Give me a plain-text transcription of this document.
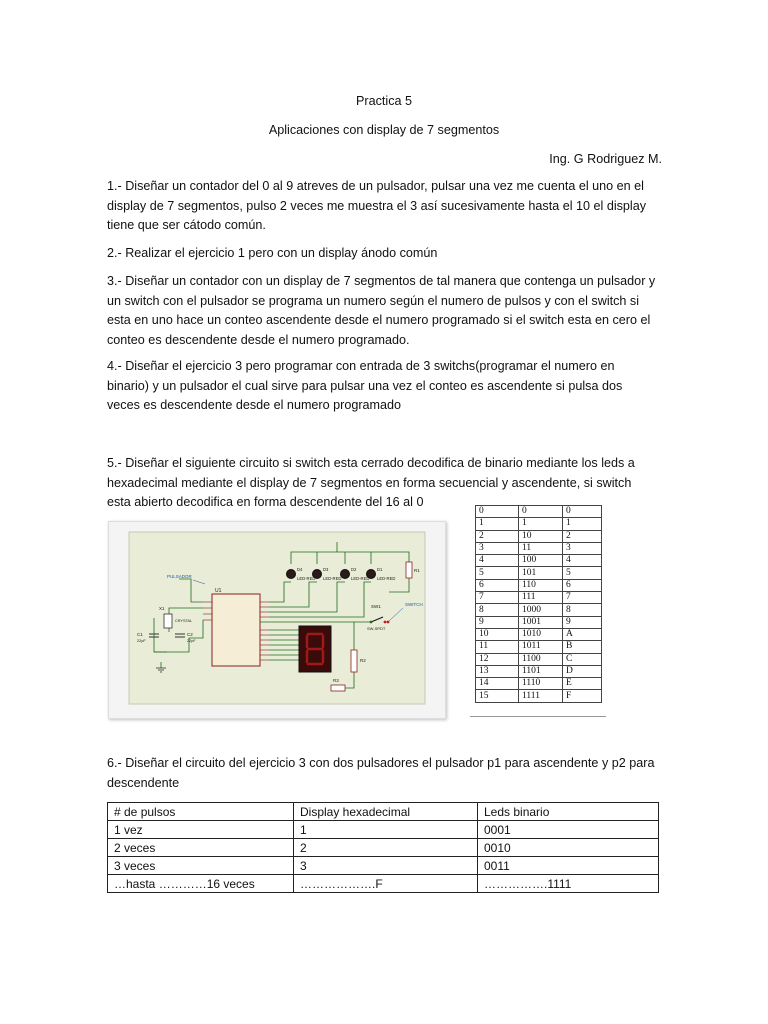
Practica 5
Aplicaciones con display de 7 segmentos
Ing. G Rodriguez M.
1.- Diseñar un contador del 0 al 9 atreves de un pulsador, pulsar una vez me cuenta el uno en el
display de 7 segmentos, pulso 2 veces me muestra el 3 así sucesivamente hasta el 10 el display
tiene que ser cátodo común.
2.- Realizar el ejercicio 1 pero con un display ánodo común
3.- Diseñar un contador con un display de 7 segmentos de tal manera que contenga un pulsador y
un switch con el pulsador se programa un numero según el numero de pulsos y con el switch si
esta en uno hace un conteo ascendente desde el numero programado si el switch esta en cero el
conteo es descendente desde el numero programado.
4.- Diseñar el ejercicio 3 pero programar con entrada de 3 switchs(programar el numero en
binario) y un pulsador el cual sirve para pulsar una vez el conteo es ascendente si pulsa dos
veces es descendente desde el numero programado
5.- Diseñar el siguiente circuito si switch esta cerrado decodifica de binario mediante los leds a
hexadecimal mediante el display de 7 segmentos en forma secuencial y ascendente, si switch
esta abierto decodifica en forma descendente del 16 al 0
U1
D4	D3	D2	D1
LED-RED LED-RED LED-RED LED-RED
R1
R2
R3
SW1
SW-SPDT
SWITCH
PULSADOR
X1
CRYSTAL
C1
22pF
C2
22pF
0	0	0
1	1	1
2	10	2
3	11	3
4	100	4
5	101	5
6	110	6
7	111	7
8	1000	8
9	1001	9
10	1010	A
11	1011	B
12	1100	C
13	1101	D
14	1110	E
15	1111	F
6.- Diseñar el circuito del ejercicio 3 con dos pulsadores el pulsador p1 para ascendente y p2 para
descendente
# de pulsos	Display hexadecimal	Leds binario
1 vez	1	0001
2 veces	2	0010
3 veces	3	0011
…hasta …………16 veces	……………….F	…………….1111
